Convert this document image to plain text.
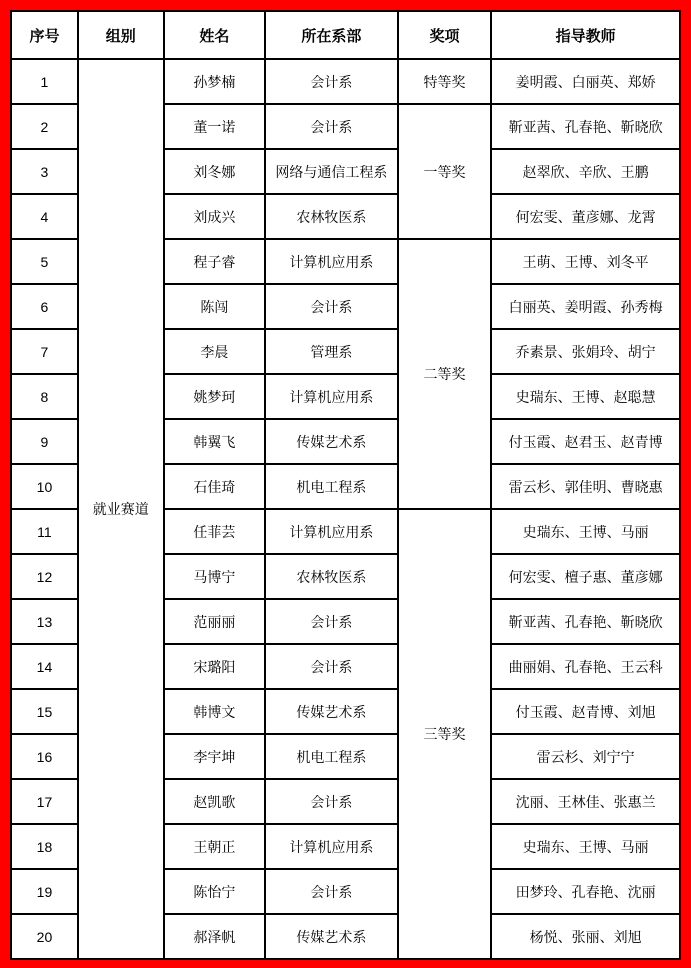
序号	组别	姓名	所在系部	奖项	指导教师
1	就业赛道	孙梦楠	会计系	特等奖	姜明霞、白丽英、郑娇
2		董一诺	会计系	一等奖	靳亚茜、孔春艳、靳晓欣
3		刘冬娜	网络与通信工程系		赵翠欣、辛欣、王鹏
4		刘成兴	农林牧医系		何宏雯、董彦娜、龙霄
5		程子睿	计算机应用系	二等奖	王萌、王博、刘冬平
6		陈闯	会计系		白丽英、姜明霞、孙秀梅
7		李晨	管理系		乔素景、张娟玲、胡宁
8		姚梦珂	计算机应用系		史瑞东、王博、赵聪慧
9		韩翼飞	传媒艺术系		付玉霞、赵君玉、赵青博
10		石佳琦	机电工程系		雷云杉、郭佳明、曹晓惠
11		任菲芸	计算机应用系	三等奖	史瑞东、王博、马丽
12		马博宁	农林牧医系		何宏雯、檀子惠、董彦娜
13		范丽丽	会计系		靳亚茜、孔春艳、靳晓欣
14		宋璐阳	会计系		曲丽娟、孔春艳、王云科
15		韩博文	传媒艺术系		付玉霞、赵青博、刘旭
16		李宇坤	机电工程系		雷云杉、刘宁宁
17		赵凯歌	会计系		沈丽、王林佳、张惠兰
18		王朝正	计算机应用系		史瑞东、王博、马丽
19		陈怡宁	会计系		田梦玲、孔春艳、沈丽
20		郝泽帆	传媒艺术系		杨悦、张丽、刘旭
